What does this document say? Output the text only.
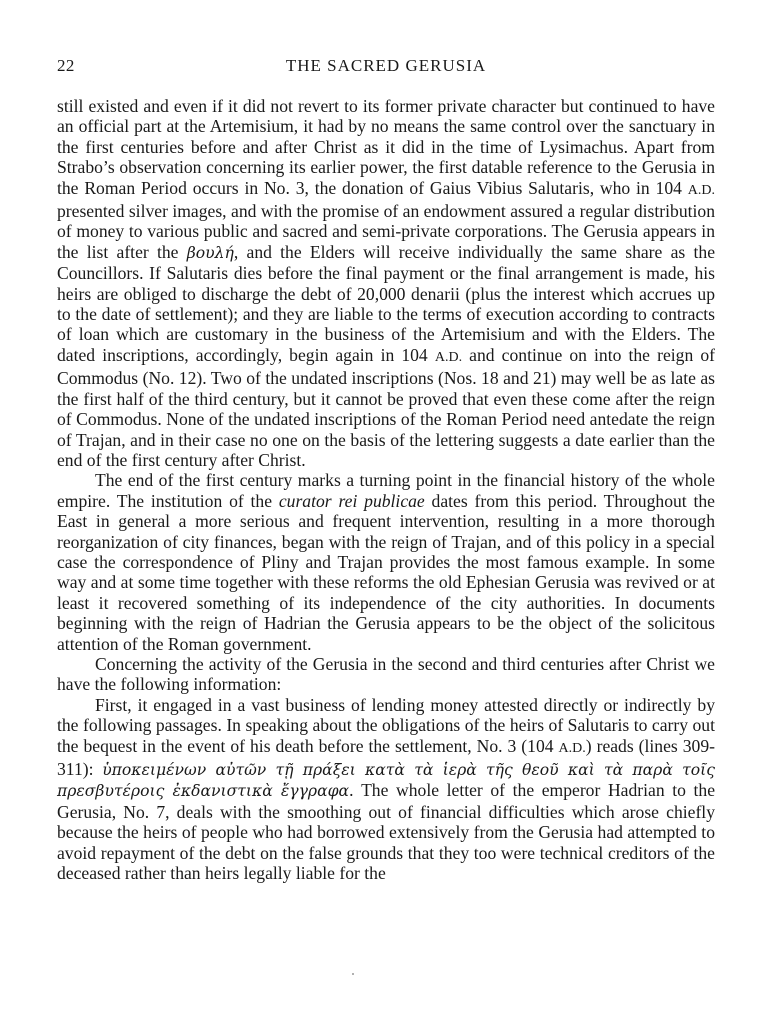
22	THE SACRED GERUSIA

still existed and even if it did not revert to its former private character but continued to have an official part at the Artemisium, it had by no means the same control over the sanctuary in the first centuries before and after Christ as it did in the time of Lysimachus. Apart from Strabo’s observation concerning its earlier power, the first datable reference to the Gerusia in the Roman Period occurs in No. 3, the donation of Gaius Vibius Salutaris, who in 104 A.D. presented silver images, and with the promise of an endowment assured a regular distribution of money to various public and sacred and semi-private corporations. The Gerusia appears in the list after the βουλή, and the Elders will receive individually the same share as the Councillors. If Salutaris dies before the final payment or the final arrangement is made, his heirs are obliged to discharge the debt of 20,000 denarii (plus the interest which accrues up to the date of settlement); and they are liable to the terms of execution according to contracts of loan which are customary in the business of the Artemisium and with the Elders. The dated inscriptions, accordingly, begin again in 104 A.D. and continue on into the reign of Commodus (No. 12). Two of the undated inscriptions (Nos. 18 and 21) may well be as late as the first half of the third century, but it cannot be proved that even these come after the reign of Commodus. None of the undated inscriptions of the Roman Period need antedate the reign of Trajan, and in their case no one on the basis of the lettering suggests a date earlier than the end of the first century after Christ.

The end of the first century marks a turning point in the financial history of the whole empire. The institution of the curator rei publicae dates from this period. Throughout the East in general a more serious and frequent intervention, resulting in a more thorough reorganization of city finances, began with the reign of Trajan, and of this policy in a special case the correspondence of Pliny and Trajan provides the most famous example. In some way and at some time together with these reforms the old Ephesian Gerusia was revived or at least it recovered something of its independence of the city authorities. In documents beginning with the reign of Hadrian the Gerusia appears to be the object of the solicitous attention of the Roman government.

Concerning the activity of the Gerusia in the second and third centuries after Christ we have the following information:

First, it engaged in a vast business of lending money attested directly or indirectly by the following passages. In speaking about the obligations of the heirs of Salutaris to carry out the bequest in the event of his death before the settlement, No. 3 (104 A.D.) reads (lines 309-311): ὑποκειμένων αὐτῶν τῇ πράξει κατὰ τὰ ἱερὰ τῆς θεοῦ καὶ τὰ παρὰ τοῖς πρεσβυτέροις ἐκδανιστικὰ ἔγγραφα. The whole letter of the emperor Hadrian to the Gerusia, No. 7, deals with the smoothing out of financial difficulties which arose chiefly because the heirs of people who had borrowed extensively from the Gerusia had attempted to avoid repayment of the debt on the false grounds that they too were technical creditors of the deceased rather than heirs legally liable for the
